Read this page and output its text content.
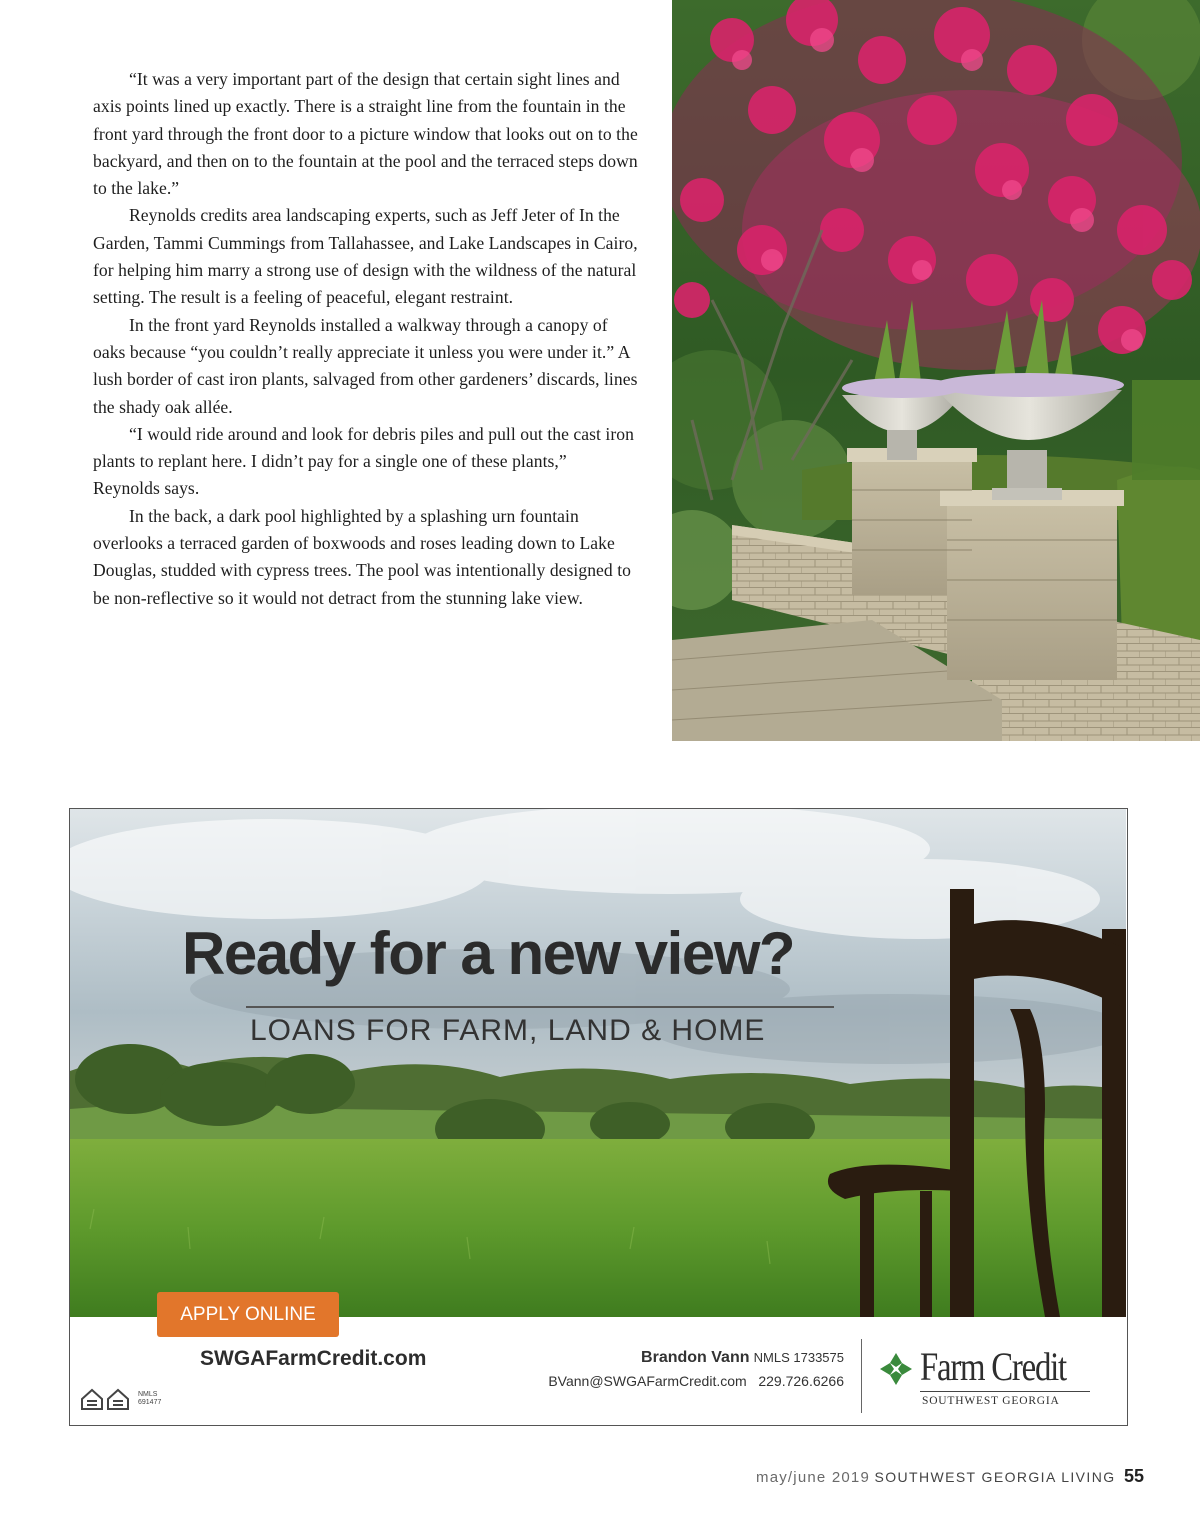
“It was a very important part of the design that certain sight lines and axis points lined up exactly. There is a straight line from the fountain in the front yard through the front door to a picture window that looks out on to the backyard, and then on to the fountain at the pool and the terraced steps down to the lake.”

Reynolds credits area landscaping experts, such as Jeff Jeter of In the Garden, Tammi Cummings from Tallahassee, and Lake Landscapes in Cairo, for helping him marry a strong use of design with the wildness of the natural setting. The result is a feeling of peaceful, elegant restraint.

In the front yard Reynolds installed a walkway through a canopy of oaks because “you couldn’t really appreciate it unless you were under it.” A lush border of cast iron plants, salvaged from other gardeners’ discards, lines the shady oak allée.

“I would ride around and look for debris piles and pull out the cast iron plants to replant here. I didn’t pay for a single one of these plants,” Reynolds says.

In the back, a dark pool highlighted by a splashing urn fountain overlooks a terraced garden of boxwoods and roses leading down to Lake Douglas, studded with cypress trees. The pool was intentionally designed to be non-reflective so it would not detract from the stunning lake view.

Ready for a new view?
LOANS FOR FARM, LAND & HOME
SWGAFarmCredit.com	Brandon Vann NMLS 1733575
BVann@SWGAFarmCredit.com 229.726.6266 Farm Credit
SOUTHWEST GEORGIA
NMLS
691477
APPLY ONLINE
may/june 2019 SOUTHWEST GEORGIA LIVING 55
